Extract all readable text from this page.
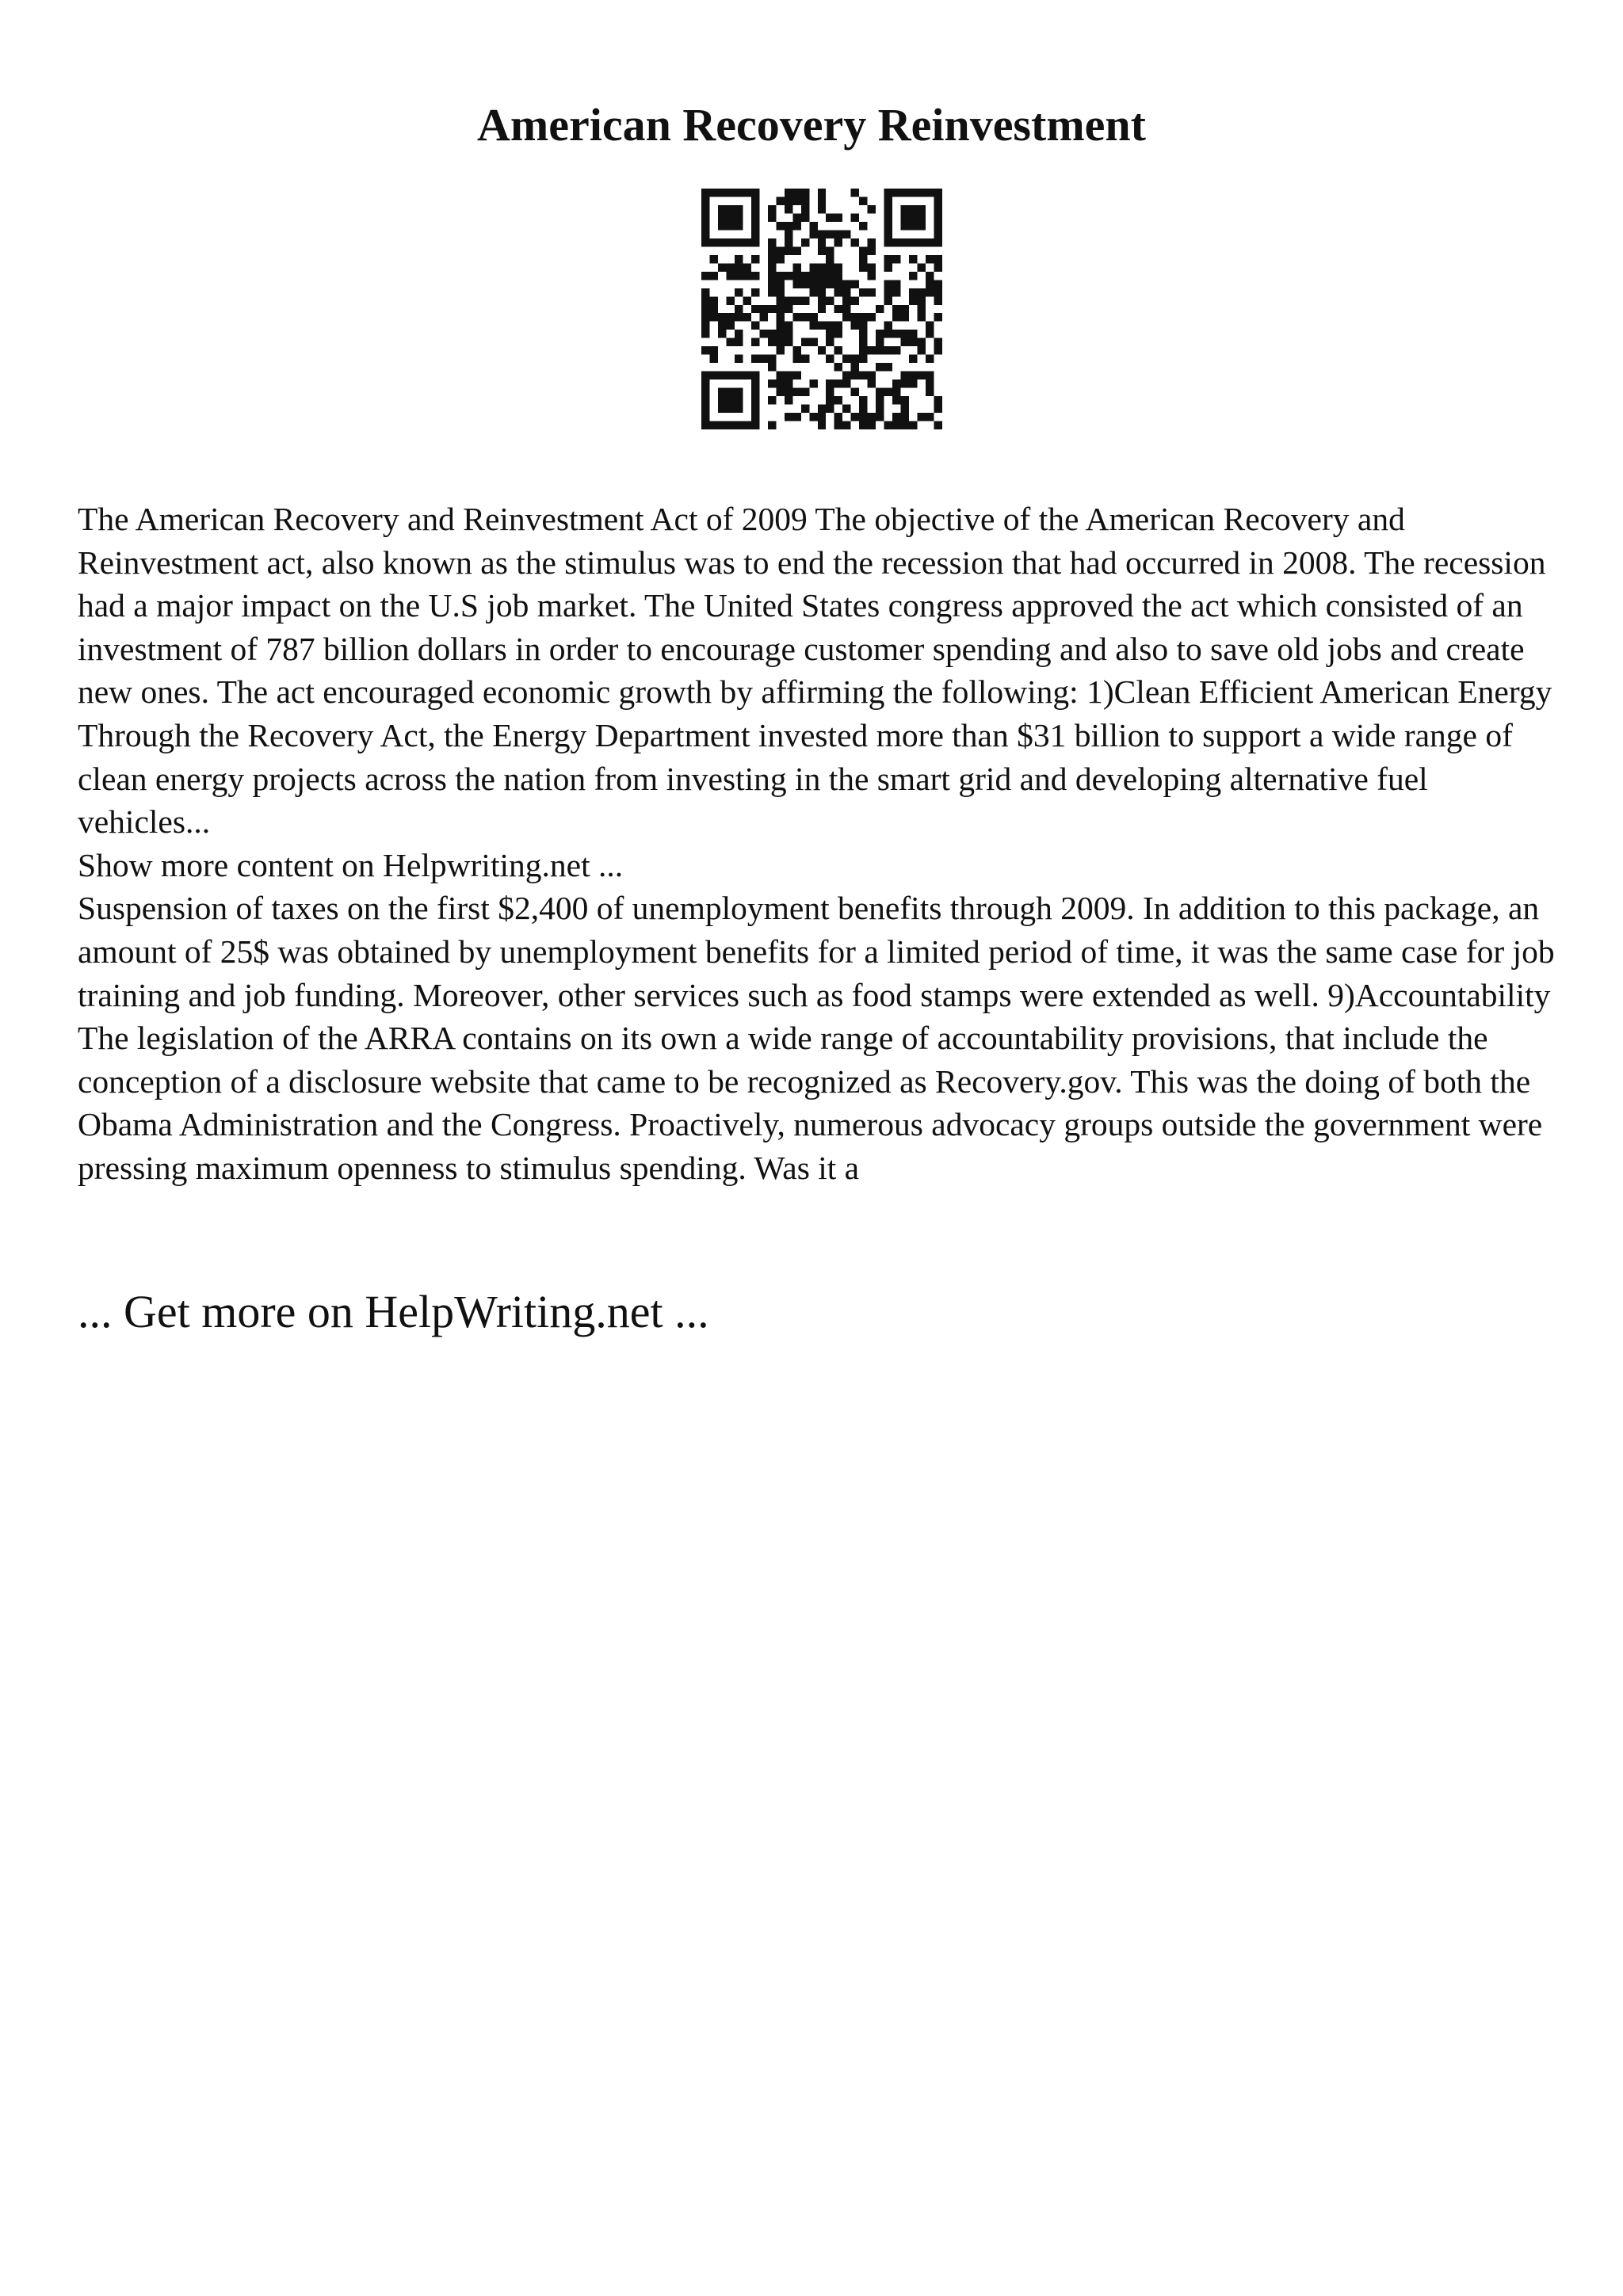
American Recovery Reinvestment
The American Recovery and Reinvestment Act of 2009 The objective of the American Recovery and Reinvestment act, also known as the stimulus was to end the recession that had occurred in 2008. The recession had a major impact on the U.S job market. The United States congress approved the act which consisted of an investment of 787 billion dollars in order to encourage customer spending and also to save old jobs and create new ones. The act encouraged economic growth by affirming the following: 1)Clean Efficient American Energy Through the Recovery Act, the Energy Department invested more than $31 billion to support a wide range of clean energy projects across the nation from investing in the smart grid and developing alternative fuel vehicles...
Show more content on Helpwriting.net ...
Suspension of taxes on the first $2,400 of unemployment benefits through 2009. In addition to this package, an amount of 25$ was obtained by unemployment benefits for a limited period of time, it was the same case for job training and job funding. Moreover, other services such as food stamps were extended as well. 9)Accountability The legislation of the ARRA contains on its own a wide range of accountability provisions, that include the conception of a disclosure website that came to be recognized as Recovery.gov. This was the doing of both the Obama Administration and the Congress. Proactively, numerous advocacy groups outside the government were pressing maximum openness to stimulus spending. Was it a
... Get more on HelpWriting.net ...
